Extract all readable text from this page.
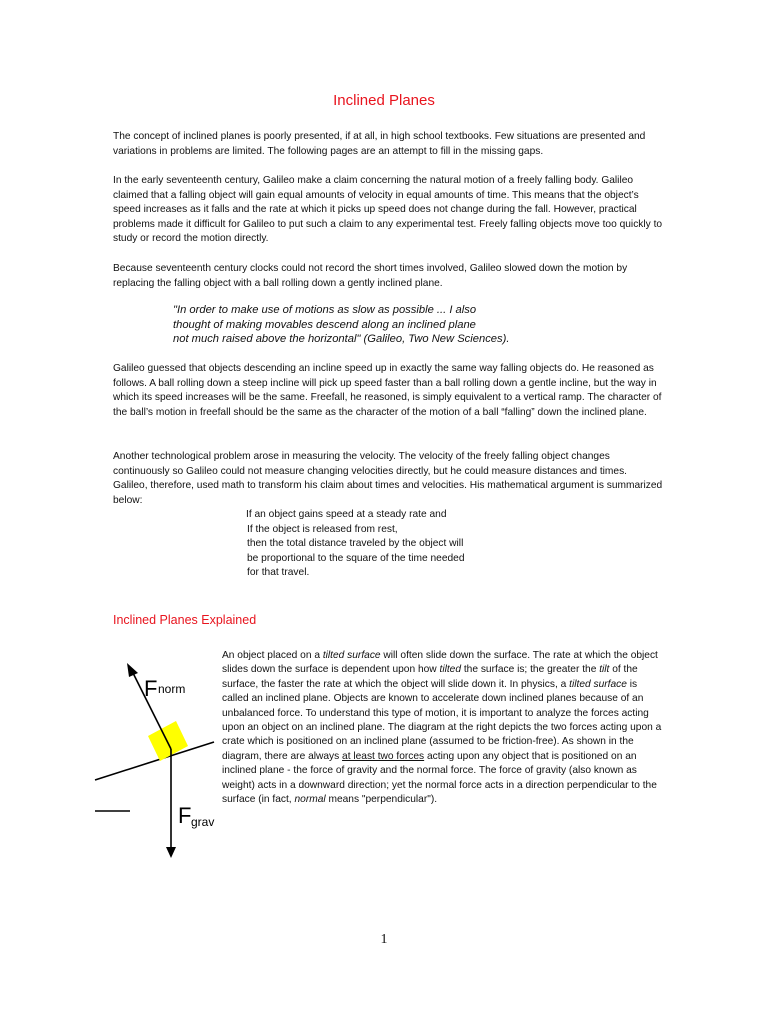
Inclined Planes
The concept of inclined planes is poorly presented, if at all, in high school textbooks. Few situations are presented and variations in problems are limited. The following pages are an attempt to fill in the missing gaps.
In the early seventeenth century, Galileo make a claim concerning the natural motion of a freely falling body. Galileo claimed that a falling object will gain equal amounts of velocity in equal amounts of time. This means that the object’s speed increases as it falls and the rate at which it picks up speed does not change during the fall. However, practical problems made it difficult for Galileo to put such a claim to any experimental test. Freely falling objects move too quickly to study or record the motion directly.
Because seventeenth century clocks could not record the short times involved, Galileo slowed down the motion by replacing the falling object with a ball rolling down a gently inclined plane.
"In order to make use of motions as slow as possible ... I also
thought of making movables descend along an inclined plane
not much raised above the horizontal" (Galileo, Two New Sciences).
Galileo guessed that objects descending an incline speed up in exactly the same way falling objects do. He reasoned as follows. A ball rolling down a steep incline will pick up speed faster than a ball rolling down a gentle incline, but the way in which its speed increases will be the same. Freefall, he reasoned, is simply equivalent to a vertical ramp. The character of the ball’s motion in freefall should be the same as the character of the motion of a ball “falling” down the inclined plane.
Another technological problem arose in measuring the velocity. The velocity of the freely falling object changes continuously so Galileo could not measure changing velocities directly, but he could measure distances and times. Galileo, therefore, used math to transform his claim about times and velocities. His mathematical argument is summarized below:
If an object gains speed at a steady rate and
If the object is released from rest,
then the total distance traveled by the object will
be proportional to the square of the time needed
for that travel.
Inclined Planes Explained
F norm
F grav
An object placed on a tilted surface will often slide down the surface. The rate at which the object slides down the surface is dependent upon how tilted the surface is; the greater the tilt of the surface, the faster the rate at which the object will slide down it. In physics, a tilted surface is called an inclined plane. Objects are known to accelerate down inclined planes because of an unbalanced force. To understand this type of motion, it is important to analyze the forces acting upon an object on an inclined plane. The diagram at the right depicts the two forces acting upon a crate which is positioned on an inclined plane (assumed to be friction-free). As shown in the diagram, there are always at least two forces acting upon any object that is positioned on an inclined plane - the force of gravity and the normal force. The force of gravity (also known as weight) acts in a downward direction; yet the normal force acts in a direction perpendicular to the surface (in fact, normal means "perpendicular").
1
